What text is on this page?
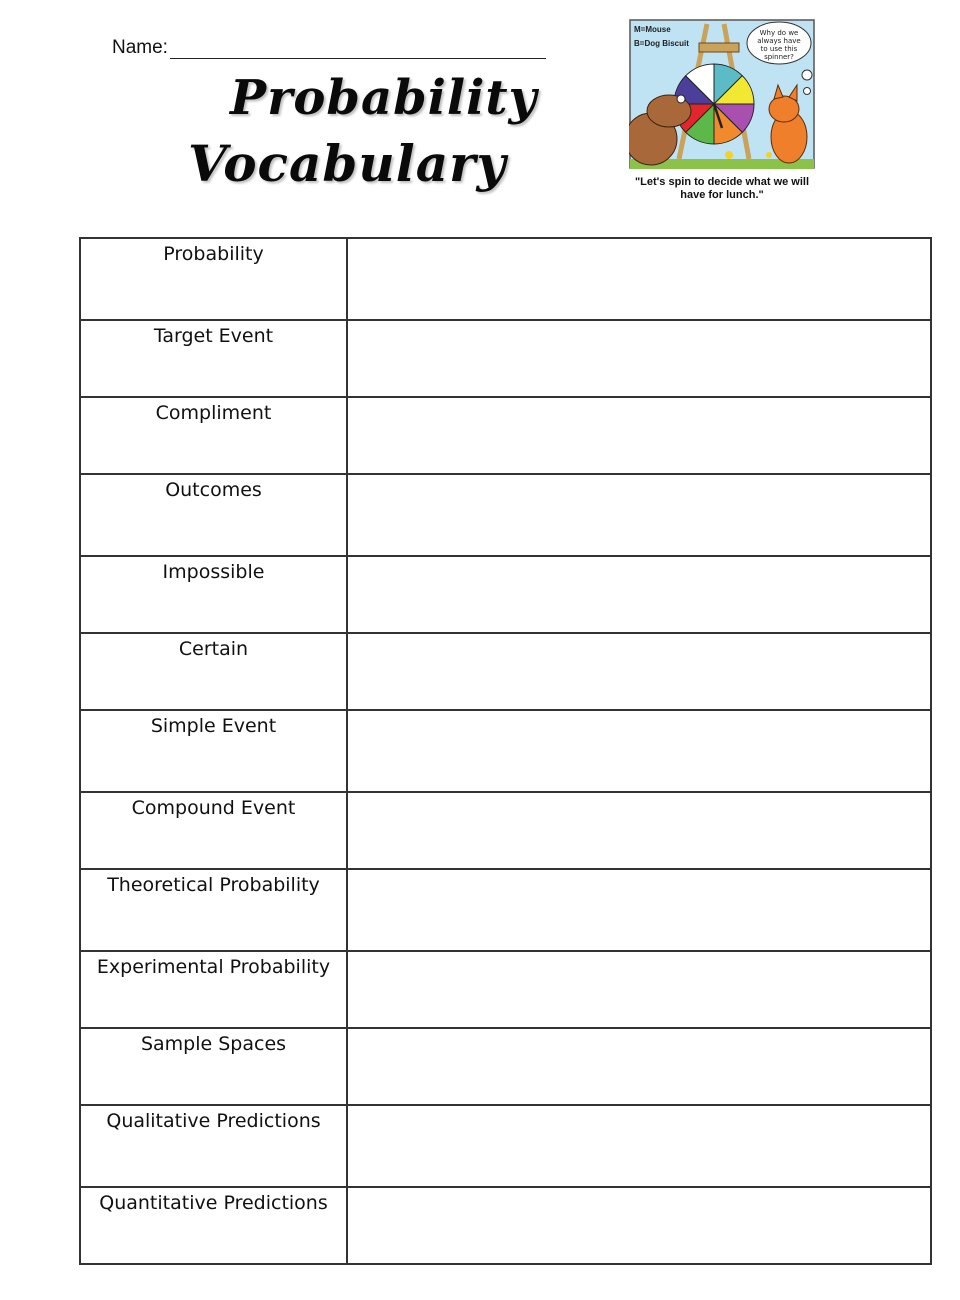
Name:
Probability
Vocabulary
M=Mouse
B=Dog Biscuit
Why do we
always have
to use this
spinner?
"Let's spin to decide what we will have for lunch."
Probability	
Target Event	
Compliment	
Outcomes	
Impossible	
Certain	
Simple Event	
Compound Event	
Theoretical Probability	
Experimental Probability	
Sample Spaces	
Qualitative Predictions	
Quantitative Predictions	
